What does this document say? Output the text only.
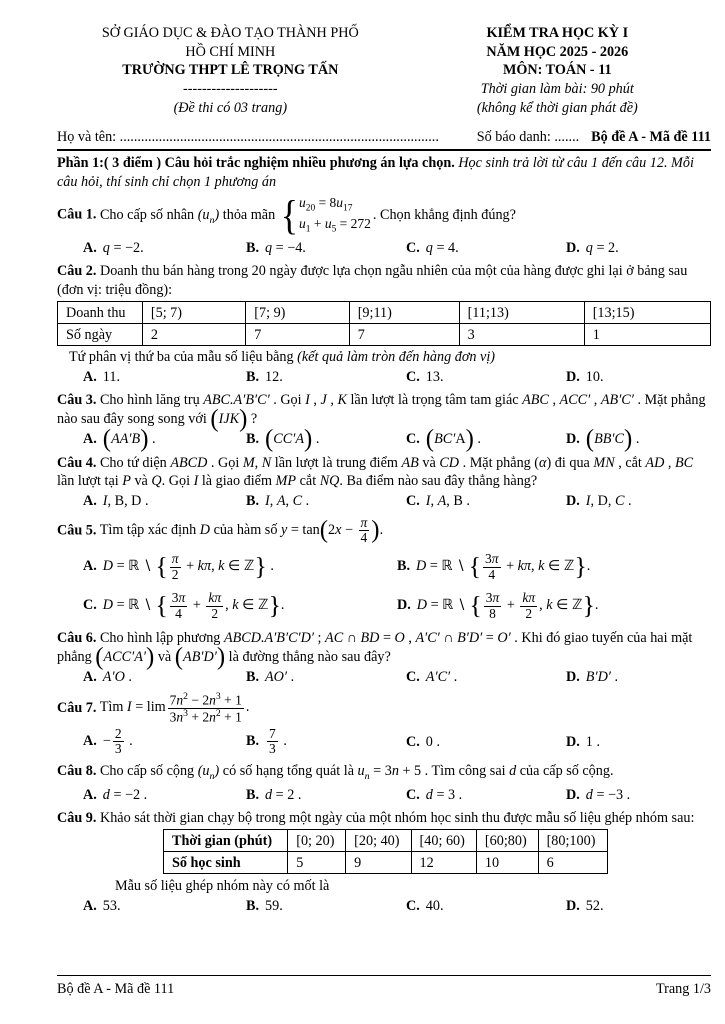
SỞ GIÁO DỤC & ĐÀO TẠO THÀNH PHỐ
HỒ CHÍ MINH
TRƯỜNG THPT LÊ TRỌNG TẤN
--------------------
(Đề thi có 03 trang)
KIỂM TRA HỌC KỲ I
NĂM HỌC 2025 - 2026
MÔN: TOÁN - 11
Thời gian làm bài: 90 phút
(không kể thời gian phát đề)
Họ và tên: ..........................................................................................	Số báo danh: ....... Bộ đề A - Mã đề 111

Phần 1:( 3 điểm ) Câu hỏi trắc nghiệm nhiều phương án lựa chọn. Học sinh trả lời từ câu 1 đến câu 12. Mỗi câu hỏi, thí sinh chỉ chọn 1 phương án

Câu 1. Cho cấp số nhân $(u_n)$ thỏa mãn { $u_{20} = 8u_{17}$
$u_1 + u_5 = 272$
. Chọn khẳng định đúng?
A. q = −2.	B. q = −4.	C. q = 4.	D. q = 2.
Câu 2. Doanh thu bán hàng trong 20 ngày được lựa chọn ngẫu nhiên của một của hàng được ghi lại ở bảng sau (đơn vị: triệu đồng):
Doanh thu	[5; 7)	[7; 9)	[9;11)	[11;13)	[13;15)
Số ngày	2	7	7	3	1
Tứ phân vị thứ ba của mẫu số liệu bằng (kết quả làm tròn đến hàng đơn vị)
A. 11.	B. 12.	C. 13.	D. 10.
Câu 3. Cho hình lăng trụ ABC.A′B′C′ . Gọi I , J , K lần lượt là trọng tâm tam giác ABC , ACC′ , AB′C′ . Mặt phẳng nào sau đây song song với (IJK) ?
A. (AA′B) .	B. (CC′A) .	C. (BC′A) .	D. (BB′C) .
Câu 4. Cho tứ diện ABCD . Gọi M, N lần lượt là trung điểm AB và CD . Mặt phẳng (α) đi qua MN , cắt AD , BC lần lượt tại P và Q. Gọi I là giao điểm MP cắt NQ. Ba điểm nào sau đây thẳng hàng?
A. I, B, D .	B. I, A, C .	C. I, A, B .	D. I, D, C .
Câu 5. Tìm tập xác định D của hàm số $y = \tan(2x - \frac{\pi}{4}$ ).
A. D = ℝ ∖ { $\frac{\pi}{2} + k\pi$, k ∈ ℤ} .	B. D = ℝ ∖ { $\frac{3\pi}{4} + k\pi$, k ∈ ℤ}.
C. D = ℝ ∖ { $\frac{3\pi}{4} + \frac{k\pi}{2}$ , k ∈ ℤ}.	D. D = ℝ ∖ { $\frac{3\pi}{8} + \frac{k\pi}{2}$ , k ∈ ℤ}.
Câu 6. Cho hình lập phương ABCD.A′B′C′D′ ; AC ∩ BD = O , A′C′ ∩ B′D′ = O′ . Khi đó giao tuyến của hai mặt phẳng (ACC′A′) và (AB′D′) là đường thẳng nào sau đây?
A. A′O .	B. AO′ .	C. A′C′ .	D. B′D′ .
Câu 7. Tìm $I = \lim \frac{7n^2 - 2n^3 + 1}{3n^3 + 2n^2 + 1}$ .
A. − $\frac{2}{3}$ .	B. $\frac{7}{3}$ .	C. 0 .	D. 1 .
Câu 8. Cho cấp số cộng $(u_n)$ có số hạng tổng quát là $u_n = 3n + 5$ . Tìm công sai d của cấp số cộng.
A. d = −2 .	B. d = 2 .	C. d = 3 .	D. d = −3 .
Câu 9. Khảo sát thời gian chạy bộ trong một ngày của một nhóm học sinh thu được mẫu số liệu ghép nhóm sau:
Thời gian (phút)	[0; 20)	[20; 40)	[40; 60)	[60;80)	[80;100)
Số học sinh	5	9	12	10	6
Mẫu số liệu ghép nhóm này có mốt là
A. 53.	B. 59.	C. 40.	D. 52.
Bộ đề A - Mã đề 111	Trang 1/3
